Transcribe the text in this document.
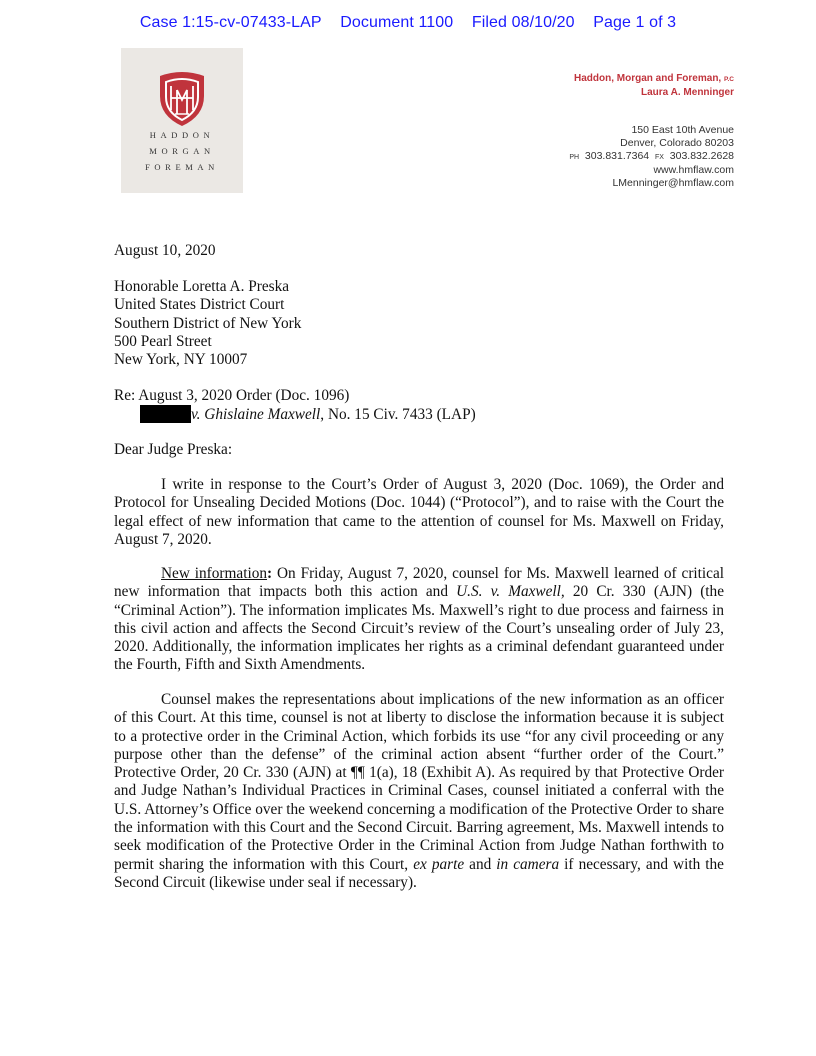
Case 1:15-cv-07433-LAP Document 1100 Filed 08/10/20 Page 1 of 3
HADDON
MORGAN
FOREMAN
Haddon, Morgan and Foreman, P.C
Laura A. Menninger
150 East 10th Avenue
Denver, Colorado 80203
PH 303.831.7364 FX 303.832.2628
www.hmflaw.com
LMenninger@hmflaw.com
August 10, 2020
Honorable Loretta A. Preska
United States District Court
Southern District of New York
500 Pearl Street
New York, NY 10007
Re: August 3, 2020 Order (Doc. 1096)
v. Ghislaine Maxwell, No. 15 Civ. 7433 (LAP)
Dear Judge Preska:
I write in response to the Court’s Order of August 3, 2020 (Doc. 1069), the Order and Protocol for Unsealing Decided Motions (Doc. 1044) (“Protocol”), and to raise with the Court the legal effect of new information that came to the attention of counsel for Ms. Maxwell on Friday, August 7, 2020.
New information: On Friday, August 7, 2020, counsel for Ms. Maxwell learned of critical new information that impacts both this action and U.S. v. Maxwell, 20 Cr. 330 (AJN) (the “Criminal Action”). The information implicates Ms. Maxwell’s right to due process and fairness in this civil action and affects the Second Circuit’s review of the Court’s unsealing order of July 23, 2020. Additionally, the information implicates her rights as a criminal defendant guaranteed under the Fourth, Fifth and Sixth Amendments.
Counsel makes the representations about implications of the new information as an officer of this Court. At this time, counsel is not at liberty to disclose the information because it is subject to a protective order in the Criminal Action, which forbids its use “for any civil proceeding or any purpose other than the defense” of the criminal action absent “further order of the Court.” Protective Order, 20 Cr. 330 (AJN) at ¶¶ 1(a), 18 (Exhibit A). As required by that Protective Order and Judge Nathan’s Individual Practices in Criminal Cases, counsel initiated a conferral with the U.S. Attorney’s Office over the weekend concerning a modification of the Protective Order to share the information with this Court and the Second Circuit. Barring agreement, Ms. Maxwell intends to seek modification of the Protective Order in the Criminal Action from Judge Nathan forthwith to permit sharing the information with this Court, ex parte and in camera if necessary, and with the Second Circuit (likewise under seal if necessary).
